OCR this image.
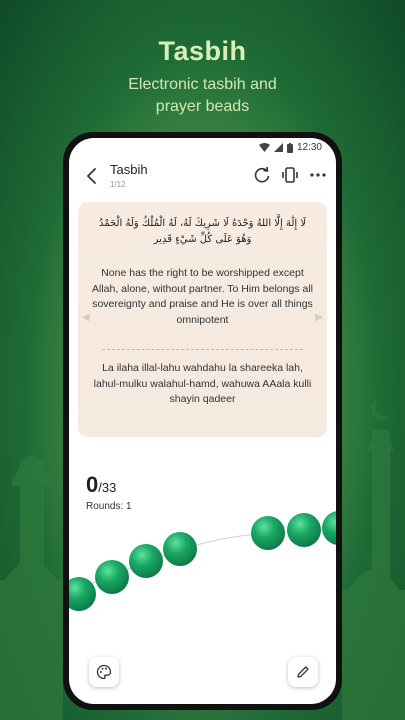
Tasbih
Electronic tasbih and
prayer beads
12:30
Tasbih
1/12
لَا إِلَٰهَ إِلَّا اللهُ وَحْدَهُ لَا شَرِيكَ لَهُ، لَهُ الْمُلْكُ وَلَهُ الْحَمْدُ وَهُوَ عَلَى كُلِّ شَيْءٍ قَدِير
◀	▶
None has the right to be worshipped except Allah, alone, without partner. To Him belongs all sovereignty and praise and He is over all things omnipotent
La ilaha illal-lahu wahdahu la shareeka lah, lahul-mulku walahul-hamd, wahuwa AAala kulli shayin qadeer
0/33
Rounds: 1
